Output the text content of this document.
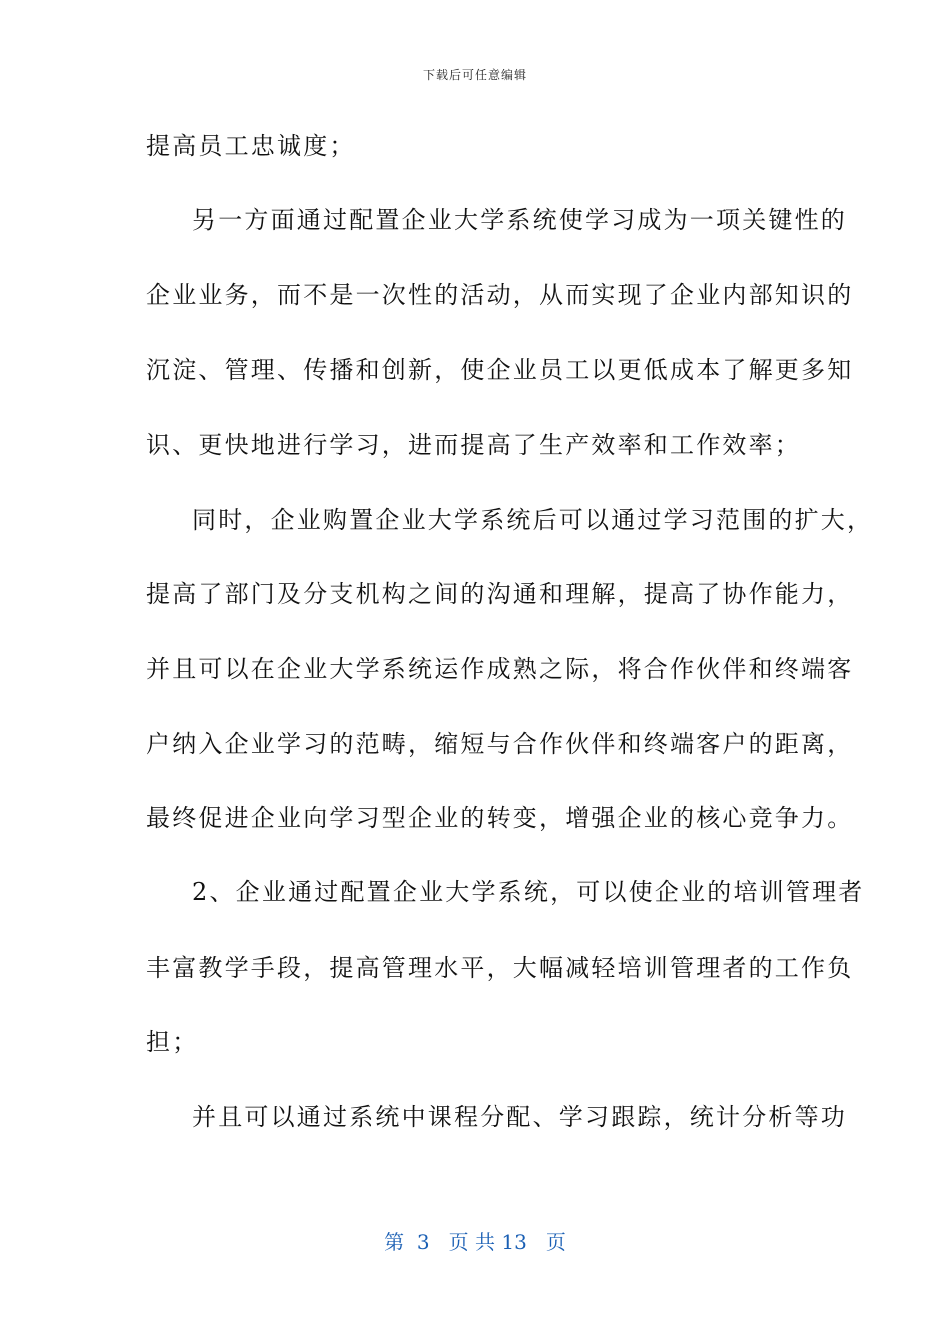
下载后可任意编辑
提高员工忠诚度；
另一方面通过配置企业大学系统使学习成为一项关键性的
企业业务，而不是一次性的活动，从而实现了企业内部知识的
沉淀、管理、传播和创新，使企业员工以更低成本了解更多知
识、更快地进行学习，进而提高了生产效率和工作效率；
同时，企业购置企业大学系统后可以通过学习范围的扩大，
提高了部门及分支机构之间的沟通和理解，提高了协作能力，
并且可以在企业大学系统运作成熟之际，将合作伙伴和终端客
户纳入企业学习的范畴，缩短与合作伙伴和终端客户的距离，
最终促进企业向学习型企业的转变，增强企业的核心竞争力。
2、企业通过配置企业大学系统，可以使企业的培训管理者
丰富教学手段，提高管理水平，大幅减轻培训管理者的工作负
担；
并且可以通过系统中课程分配、学习跟踪，统计分析等功
第  3   页 共 13   页
